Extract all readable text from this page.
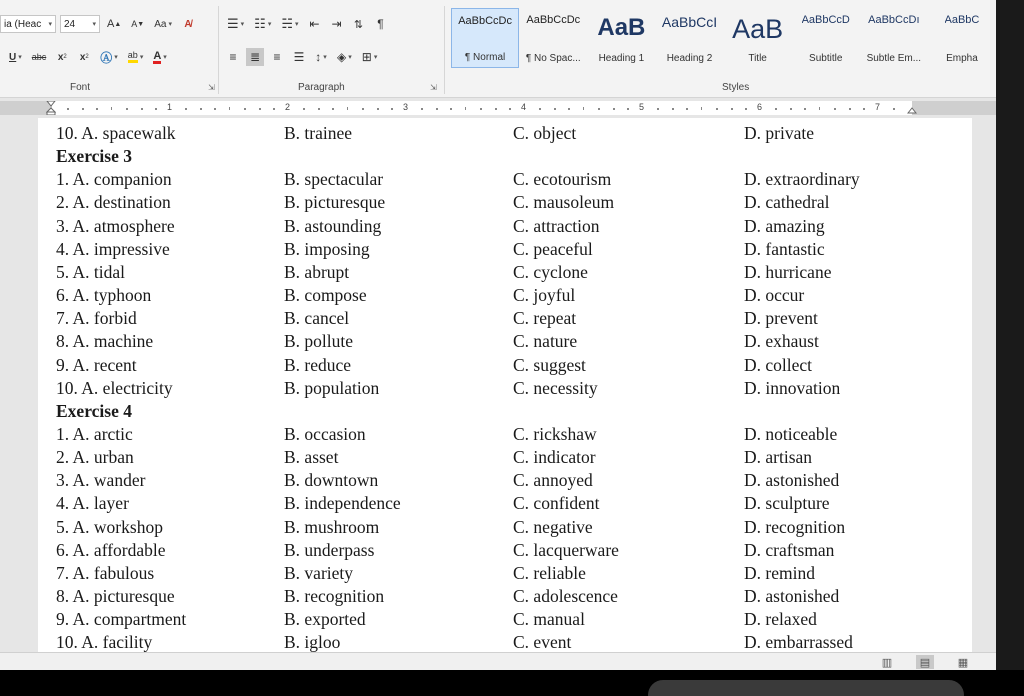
ia (Heac ▾ 24 ▾ A ▲ A ▼ Aa
▾ A̸
U
▾ abc x 2 x 2 Ⓐ
▾ ab
▾ A
▾
Font	⇲
☰
▾ ☷
▾ ☵
▾ ⇤ ⇥ ⇅ ¶
≡ ≣ ≡ ☰ ↕
▾ ◈
▾ ⊞
▾
Paragraph	⇲
AaBbCcDc
¶ Normal
AaBbCcDc
¶ No Spac...
AaB
Heading 1
AaBbCcI
Heading 2
AaB
Title
AaBbCcD
Subtitle
AaBbCcDı
Subtle Em...
AaBbC
Empha
Styles
1	2	3	4	5	6	7
10. A. spacewalk	B. trainee	C. object	D. private
Exercise 3
1. A. companion	B. spectacular	C. ecotourism	D. extraordinary
2. A. destination	B. picturesque	C. mausoleum	D. cathedral
3. A. atmosphere	B. astounding	C. attraction	D. amazing
4. A. impressive	B. imposing	C. peaceful	D. fantastic
5. A. tidal	B. abrupt	C. cyclone	D. hurricane
6. A. typhoon	B. compose	C. joyful	D. occur
7. A. forbid	B. cancel	C. repeat	D. prevent
8. A. machine	B. pollute	C. nature	D. exhaust
9. A. recent	B. reduce	C. suggest	D. collect
10. A. electricity	B. population	C. necessity	D. innovation
Exercise 4
1. A. arctic	B. occasion	C. rickshaw	D. noticeable
2. A. urban	B. asset	C. indicator	D. artisan
3. A. wander	B. downtown	C. annoyed	D. astonished
4. A. layer	B. independence	C. confident	D. sculpture
5. A. workshop	B. mushroom	C. negative	D. recognition
6. A. affordable	B. underpass	C. lacquerware	D. craftsman
7. A. fabulous	B. variety	C. reliable	D. remind
8. A. picturesque	B. recognition	C. adolescence	D. astonished
9. A. compartment	B. exported	C. manual	D. relaxed
10. A. facility	B. igloo	C. event	D. embarrassed
▥	▤	▦
